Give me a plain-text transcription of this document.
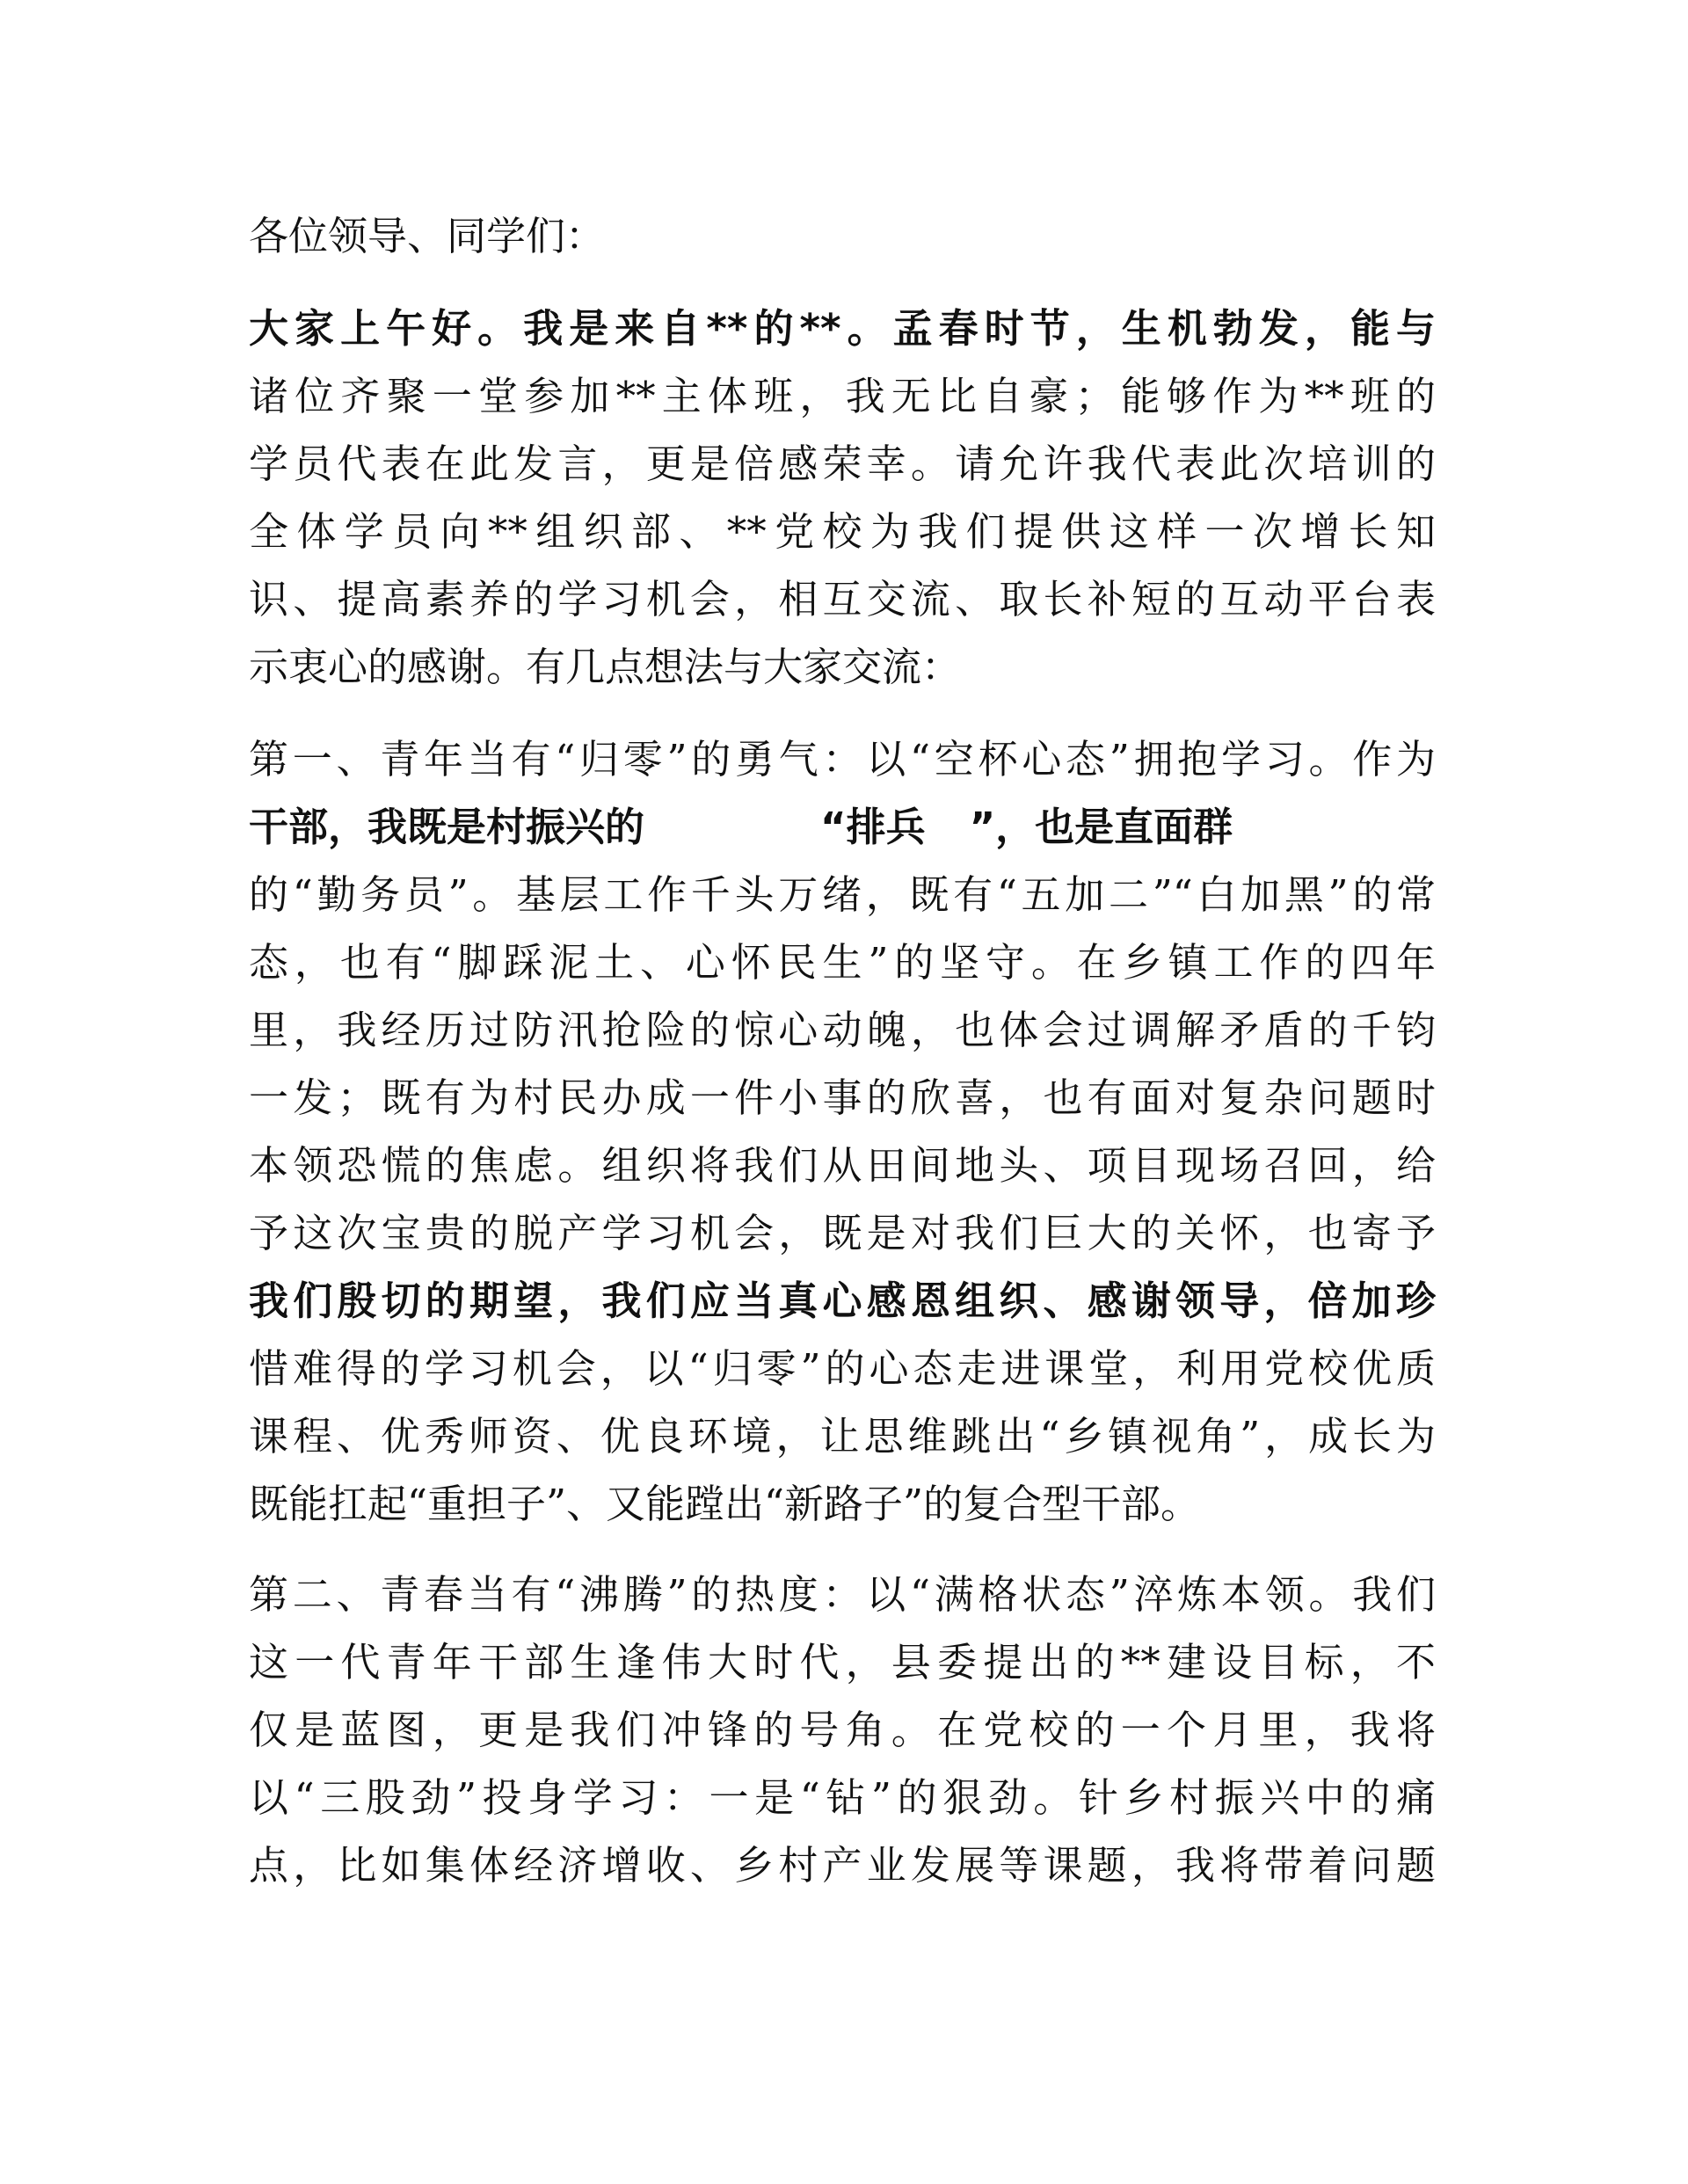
各位领导、同学们：
大家上午好。我是来自**的**。孟春时节，生机勃发，能与
诸位齐聚一堂参加**主体班，我无比自豪；能够作为**班的
学员代表在此发言，更是倍感荣幸。请允许我代表此次培训的
全体学员向**组织部、**党校为我们提供这样一次增长知
识、提高素养的学习机会，相互交流、取长补短的互动平台表
示衷心的感谢。有几点想法与大家交流：
第一、青年当有“归零”的勇气：以“空杯心态”拥抱学习。作为
干部，我既是村振兴的	“排兵 ”，也是直面群
的“勤务员”。基层工作千头万绪，既有“五加二”“白加黑”的常
态，也有“脚踩泥土、心怀民生”的坚守。在乡镇工作的四年
里，我经历过防汛抢险的惊心动魄，也体会过调解矛盾的千钧
一发；既有为村民办成一件小事的欣喜，也有面对复杂问题时
本领恐慌的焦虑。组织将我们从田间地头、项目现场召回，给
予这次宝贵的脱产学习机会，既是对我们巨大的关怀，也寄予
我们殷切的期望，我们应当真心感恩组织、感谢领导，倍加珍
惜难得的学习机会，以“归零”的心态走进课堂，利用党校优质
课程、优秀师资、优良环境，让思维跳出“乡镇视角”，成长为
既能扛起“重担子”、又能蹚出“新路子”的复合型干部。
第二、青春当有“沸腾”的热度：以“满格状态”淬炼本领。我们
这一代青年干部生逢伟大时代，县委提出的**建设目标，不
仅是蓝图，更是我们冲锋的号角。在党校的一个月里，我将
以“三股劲”投身学习：一是“钻”的狠劲。针乡村振兴中的痛
点，比如集体经济增收、乡村产业发展等课题，我将带着问题
